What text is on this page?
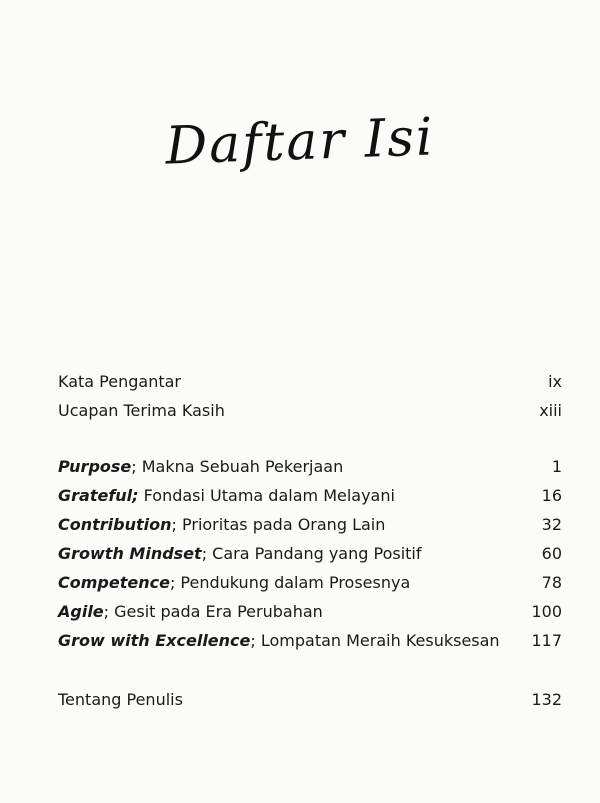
Daftar Isi
Kata Pengantar	ix
Ucapan Terima Kasih	xiii
Purpose; Makna Sebuah Pekerjaan	1
Grateful; Fondasi Utama dalam Melayani	16
Contribution; Prioritas pada Orang Lain	32
Growth Mindset; Cara Pandang yang Positif	60
Competence; Pendukung dalam Prosesnya	78
Agile; Gesit pada Era Perubahan	100
Grow with Excellence; Lompatan Meraih Kesuksesan 117
Tentang Penulis	132
